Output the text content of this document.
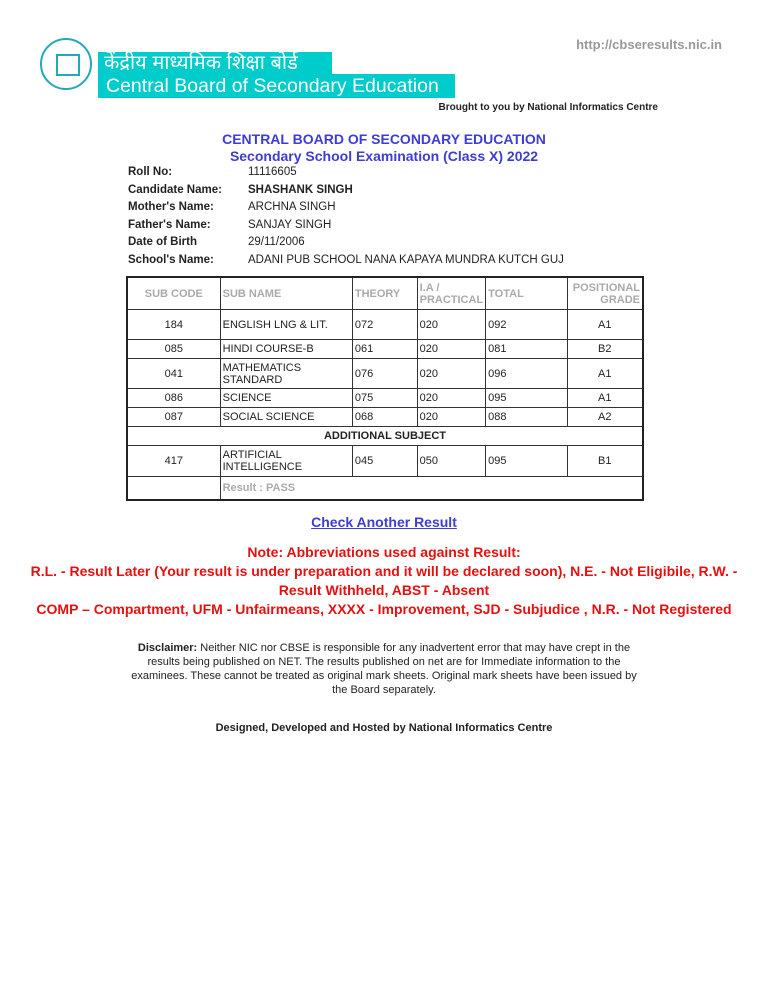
http://cbseresults.nic.in
केंद्रीय माध्यमिक शिक्षा बोर्ड
Central Board of Secondary Education
Brought to you by National Informatics Centre
CENTRAL BOARD OF SECONDARY EDUCATION
Secondary School Examination (Class X) 2022
Roll No:	11116605
Candidate Name:	SHASHANK SINGH
Mother's Name:	ARCHNA SINGH
Father's Name:	SANJAY SINGH
Date of Birth	29/11/2006
School's Name:	ADANI PUB SCHOOL NANA KAPAYA MUNDRA KUTCH GUJ
SUB CODE	SUB NAME	THEORY	I.A / PRACTICAL	TOTAL	POSITIONAL GRADE
184	ENGLISH LNG & LIT.	072	020	092	A1
085	HINDI COURSE-B	061	020	081	B2
041	MATHEMATICS STANDARD	076	020	096	A1
086	SCIENCE	075	020	095	A1
087	SOCIAL SCIENCE	068	020	088	A2
ADDITIONAL SUBJECT					
417	ARTIFICIAL INTELLIGENCE	045	050	095	B1
	Result : PASS				
Check Another Result
Note: Abbreviations used against Result:
R.L. - Result Later (Your result is under preparation and it will be declared soon), N.E. - Not Eligibile, R.W. - Result Withheld, ABST - Absent
COMP – Compartment, UFM - Unfairmeans, XXXX - Improvement, SJD - Subjudice , N.R. - Not Registered
Disclaimer: Neither NIC nor CBSE is responsible for any inadvertent error that may have crept in the results being published on NET. The results published on net are for Immediate information to the examinees. These cannot be treated as original mark sheets. Original mark sheets have been issued by the Board separately.
Designed, Developed and Hosted by National Informatics Centre
